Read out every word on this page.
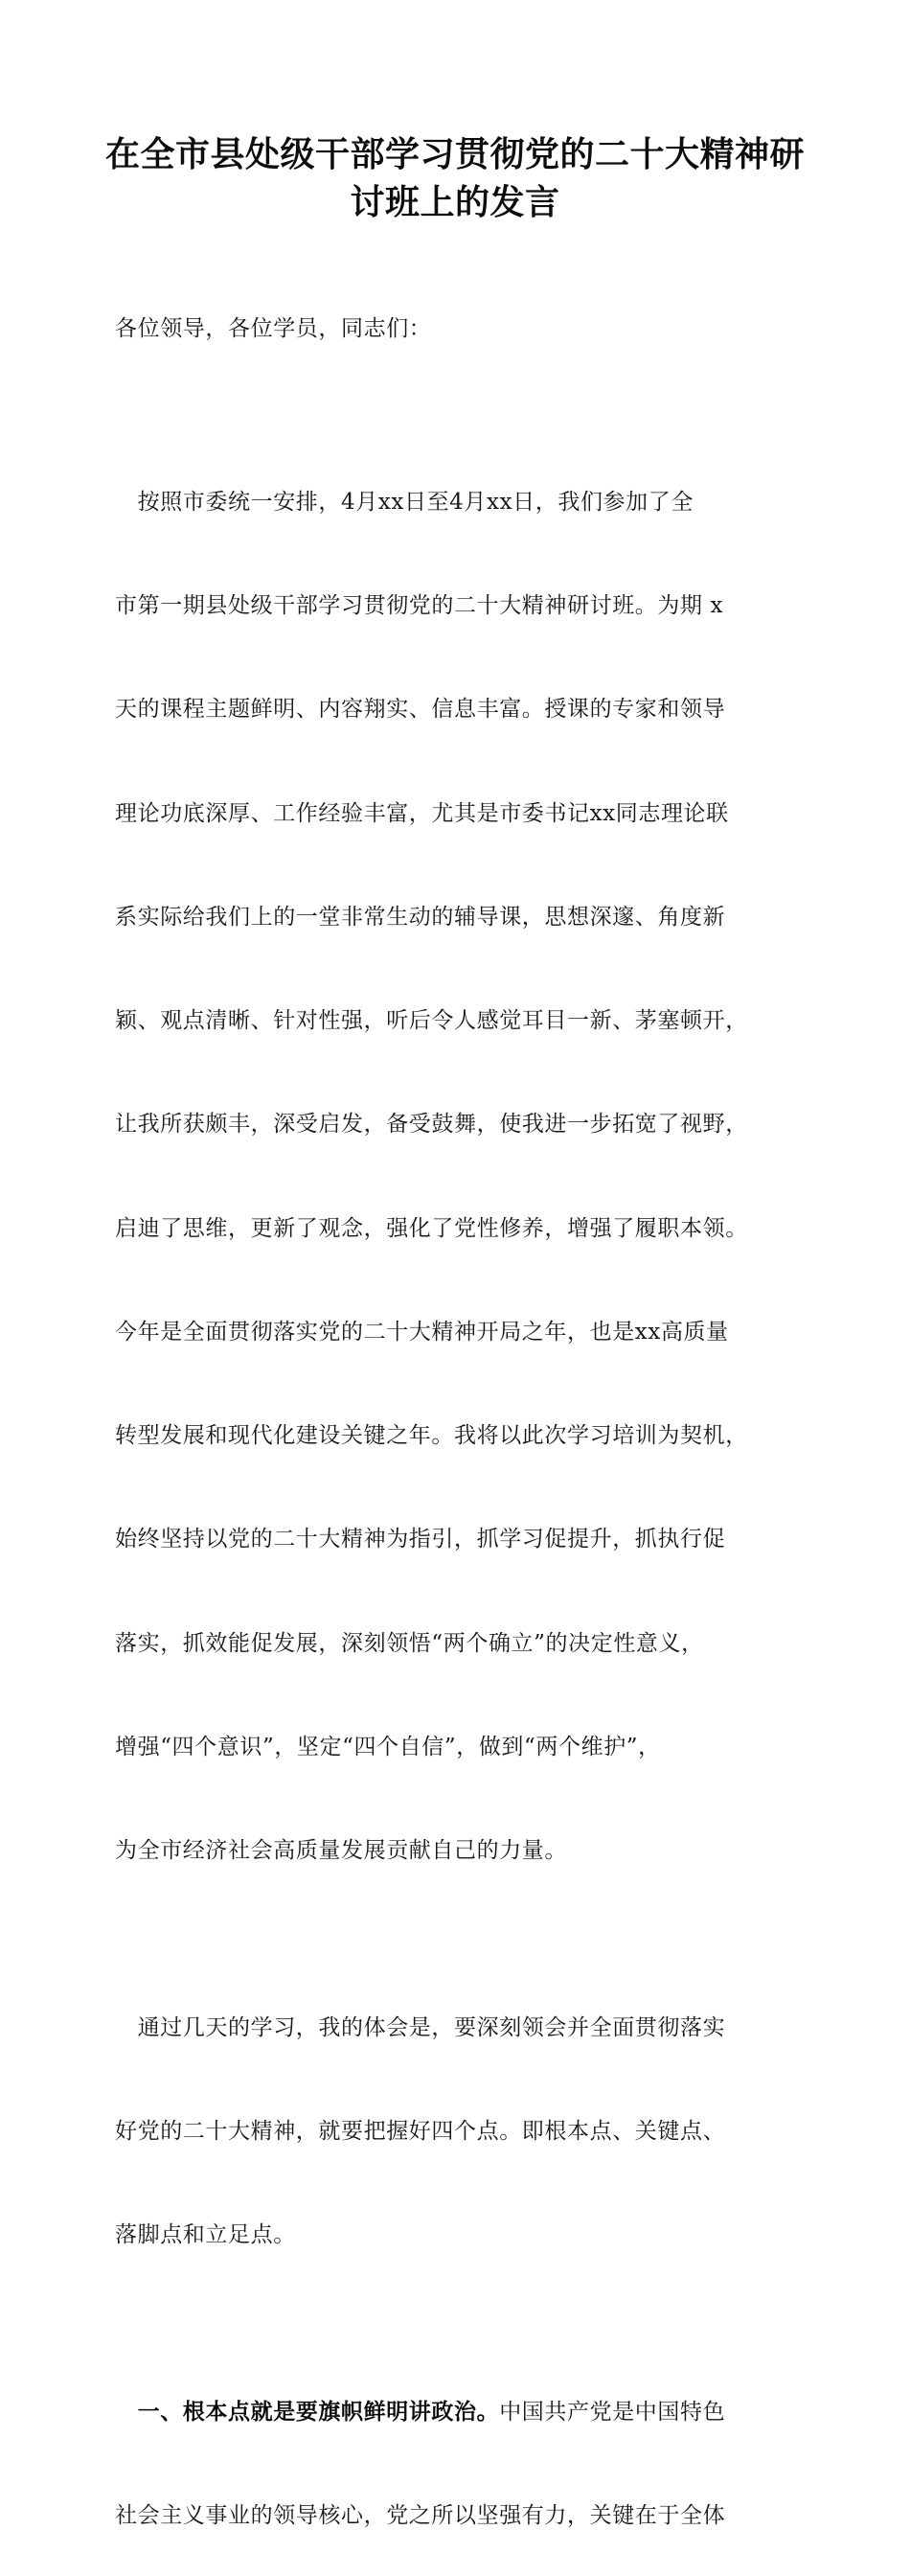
在全市县处级干部学习贯彻党的二十大精神研
讨班上的发言

各位领导，各位学员，同志们：

　按照市委统一安排，4月xx日至4月xx日，我们参加了全

市第一期县处级干部学习贯彻党的二十大精神研讨班。为期 x

天的课程主题鲜明、内容翔实、信息丰富。授课的专家和领导

理论功底深厚、工作经验丰富，尤其是市委书记xx同志理论联

系实际给我们上的一堂非常生动的辅导课，思想深邃、角度新

颖、观点清晰、针对性强，听后令人感觉耳目一新、茅塞顿开，

让我所获颇丰，深受启发，备受鼓舞，使我进一步拓宽了视野，

启迪了思维，更新了观念，强化了党性修养，增强了履职本领。

今年是全面贯彻落实党的二十大精神开局之年，也是xx高质量

转型发展和现代化建设关键之年。我将以此次学习培训为契机，

始终坚持以党的二十大精神为指引，抓学习促提升，抓执行促

落实，抓效能促发展，深刻领悟“两个确立”的决定性意义，

增强“四个意识”，坚定“四个自信”，做到“两个维护”，

为全市经济社会高质量发展贡献自己的力量。

　通过几天的学习，我的体会是，要深刻领会并全面贯彻落实

好党的二十大精神，就要把握好四个点。即根本点、关键点、

落脚点和立足点。

　一、根本点就是要旗帜鲜明讲政治。中国共产党是中国特色

社会主义事业的领导核心，党之所以坚强有力，关键在于全体
